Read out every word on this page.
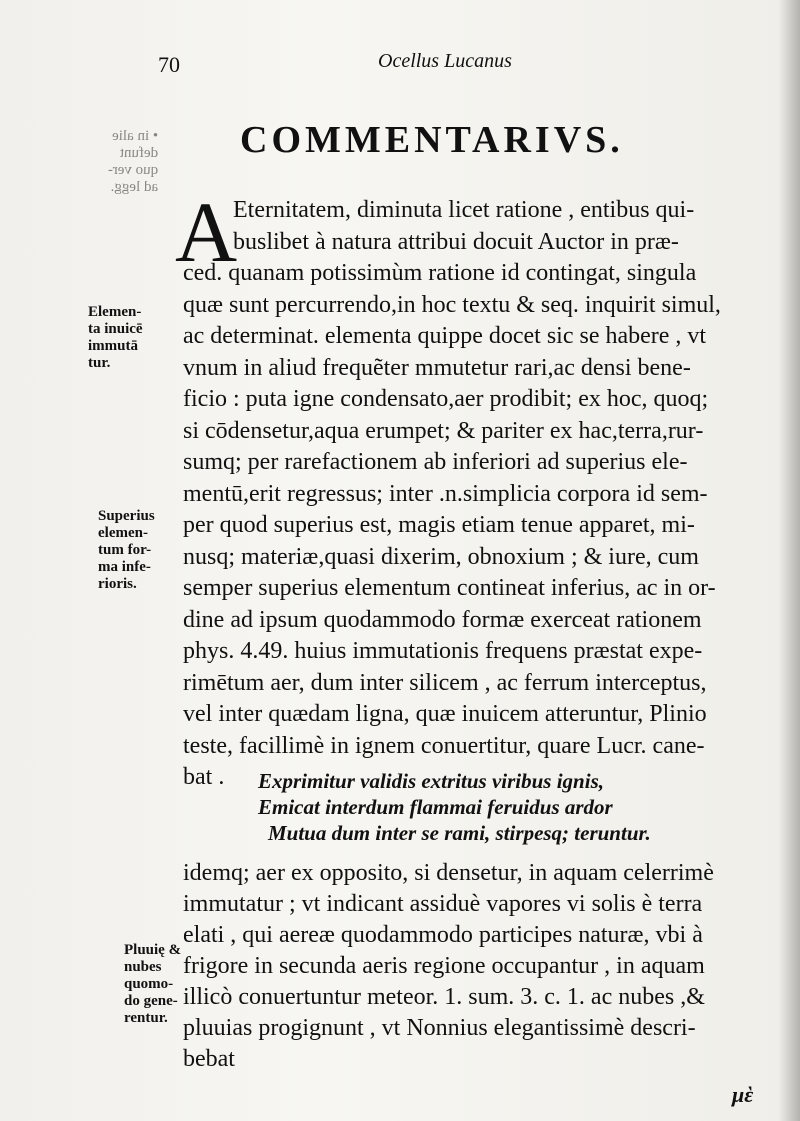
• in alie
defunt
quo ver-
ad legg.
70	Ocellus Lucanus
COMMENTARIVS.
A
Eternitatem, diminuta licet ratione , entibus qui-
buslibet à natura attribui docuit Auctor in præ-
ced. quanam potissimùm ratione id contingat, singula
quæ sunt percurrendo,in hoc textu & seq. inquirit simul,
ac determinat. elementa quippe docet sic se habere , vt
vnum in aliud frequẽter mmutetur rari,ac densi bene-
ficio : puta igne condensato,aer prodibit; ex hoc, quoq;
si cōdensetur,aqua erumpet; & pariter ex hac,terra,rur-
sumq; per rarefactionem ab inferiori ad superius ele-
mentū,erit regressus; inter .n.simplicia corpora id sem-
per quod superius est, magis etiam tenue apparet, mi-
nusq; materiæ,quasi dixerim, obnoxium ; & iure, cum
semper superius elementum contineat inferius, ac in or-
dine ad ipsum quodammodo formæ exerceat rationem
phys. 4.49. huius immutationis frequens præstat expe-
rimētum aer, dum inter silicem , ac ferrum interceptus,
vel inter quædam ligna, quæ inuicem atteruntur, Plinio
teste, facillimè in ignem conuertitur, quare Lucr. cane-
bat .	Exprimitur validis extritus viribus ignis,
Emicat interdum flammai feruidus ardor
Mutua dum inter se rami, stirpesq; teruntur.
idemq; aer ex opposito, si densetur, in aquam celerrimè
immutatur ; vt indicant assiduè vapores vi solis è terra
elati , qui aereæ quodammodo participes naturæ, vbi à
frigore in secunda aeris regione occupantur , in aquam
illicò conuertuntur meteor. 1. sum. 3. c. 1. ac nubes ,&
pluuias progignunt , vt Nonnius elegantissimè descri-
bebat
Elemen-
ta inuicē
immutā
tur.
Superius
elemen-
tum for-
ma infe-
rioris.
Pluuię &
nubes
quomo-
do gene-
rentur.
μὲ
